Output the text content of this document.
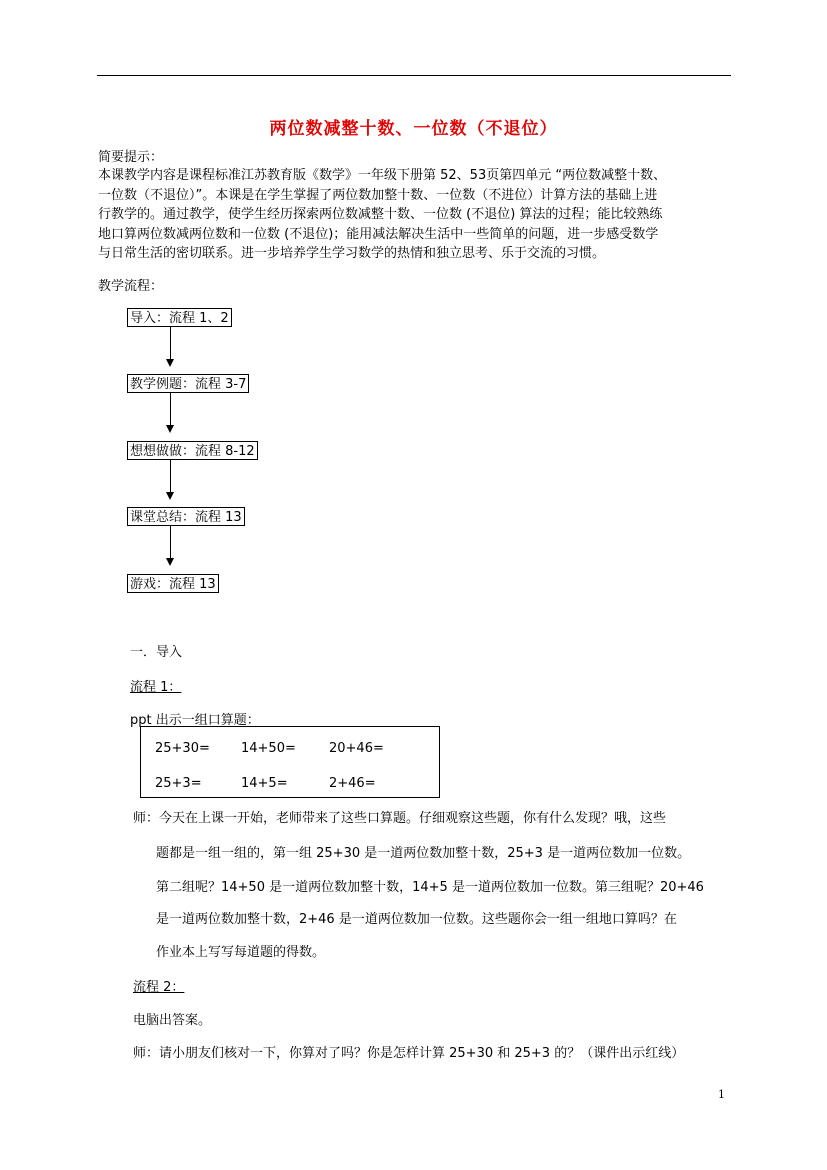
两位数减整十数、一位数（不退位）
简要提示：
本课教学内容是课程标准江苏教育版《数学》一年级下册第 52、53页第四单元 “两位数减整十数、
一位数（不退位）”。本课是在学生掌握了两位数加整十数、一位数（不进位）计算方法的基础上进
行教学的。通过教学，使学生经历探索两位数减整十数、一位数 (不退位) 算法的过程；能比较熟练
地口算两位数减两位数和一位数 (不退位)；能用减法解决生活中一些简单的问题，进一步感受数学
与日常生活的密切联系。进一步培养学生学习数学的热情和独立思考、乐于交流的习惯。
教学流程：
导入：流程 1、2
教学例题：流程 3-7
想想做做：流程 8-12
课堂总结：流程 13
游戏：流程 13
一．导入
流程 1：
ppt 出示一组口算题：
25+30= 14+50=	20+46=
25+3=	14+5=	2+46=
师：今天在上课一开始，老师带来了这些口算题。仔细观察这些题，你有什么发现？哦，这些
题都是一组一组的，第一组 25+30 是一道两位数加整十数，25+3 是一道两位数加一位数。
第二组呢？14+50 是一道两位数加整十数，14+5 是一道两位数加一位数。第三组呢？20+46
是一道两位数加整十数，2+46 是一道两位数加一位数。这些题你会一组一组地口算吗？在
作业本上写写每道题的得数。
流程 2：
电脑出答案。
师：请小朋友们核对一下，你算对了吗？你是怎样计算 25+30 和 25+3 的？（课件出示红线）
1
